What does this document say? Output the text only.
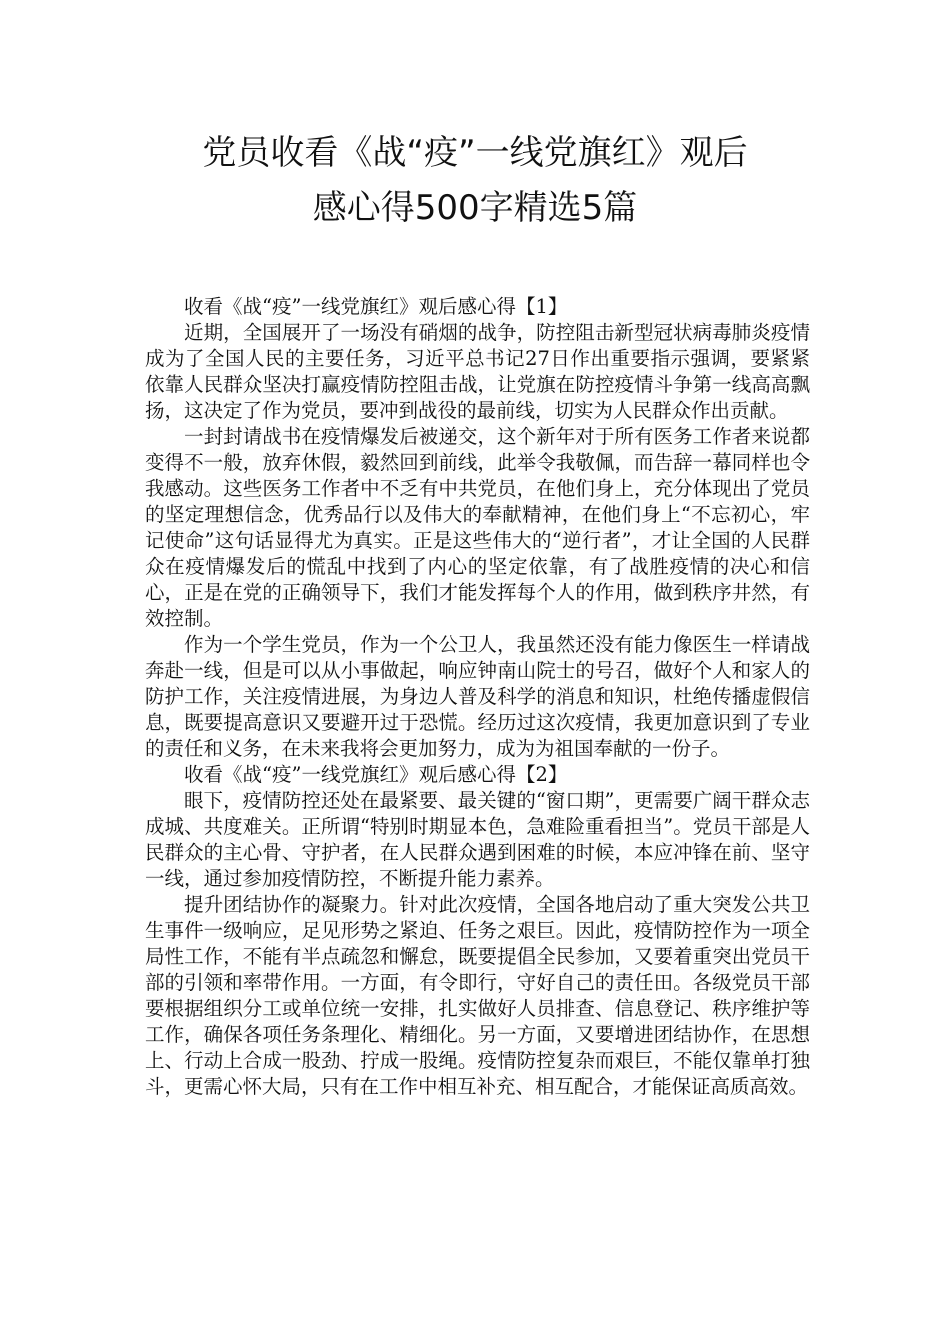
党员收看《战“疫”一线党旗红》观后
感心得500字精选5篇

收看《战“疫”一线党旗红》观后感心得【1】

近期，全国展开了一场没有硝烟的战争，防控阻击新型冠状病毒肺炎疫情成为了全国人民的主要任务，习近平总书记27日作出重要指示强调，要紧紧依靠人民群众坚决打赢疫情防控阻击战，让党旗在防控疫情斗争第一线高高飘扬，这决定了作为党员，要冲到战役的最前线，切实为人民群众作出贡献。

一封封请战书在疫情爆发后被递交，这个新年对于所有医务工作者来说都变得不一般，放弃休假，毅然回到前线，此举令我敬佩，而告辞一幕同样也令我感动。这些医务工作者中不乏有中共党员，在他们身上，充分体现出了党员的坚定理想信念，优秀品行以及伟大的奉献精神，在他们身上“不忘初心，牢记使命”这句话显得尤为真实。正是这些伟大的“逆行者”，才让全国的人民群众在疫情爆发后的慌乱中找到了内心的坚定依靠，有了战胜疫情的决心和信心，正是在党的正确领导下，我们才能发挥每个人的作用，做到秩序井然，有效控制。

作为一个学生党员，作为一个公卫人，我虽然还没有能力像医生一样请战奔赴一线，但是可以从小事做起，响应钟南山院士的号召，做好个人和家人的防护工作，关注疫情进展，为身边人普及科学的消息和知识，杜绝传播虚假信息，既要提高意识又要避开过于恐慌。经历过这次疫情，我更加意识到了专业的责任和义务，在未来我将会更加努力，成为为祖国奉献的一份子。

收看《战“疫”一线党旗红》观后感心得【2】

眼下，疫情防控还处在最紧要、最关键的“窗口期”，更需要广阔干群众志成城、共度难关。正所谓“特别时期显本色，急难险重看担当”。党员干部是人民群众的主心骨、守护者，在人民群众遇到困难的时候，本应冲锋在前、坚守一线，通过参加疫情防控，不断提升能力素养。

提升团结协作的凝聚力。针对此次疫情，全国各地启动了重大突发公共卫生事件一级响应，足见形势之紧迫、任务之艰巨。因此，疫情防控作为一项全局性工作，不能有半点疏忽和懈怠，既要提倡全民参加，又要着重突出党员干部的引领和率带作用。一方面，有令即行，守好自己的责任田。各级党员干部要根据组织分工或单位统一安排，扎实做好人员排查、信息登记、秩序维护等工作，确保各项任务条理化、精细化。另一方面，又要增进团结协作，在思想上、行动上合成一股劲、拧成一股绳。疫情防控复杂而艰巨，不能仅靠单打独斗，更需心怀大局，只有在工作中相互补充、相互配合，才能保证高质高效。
